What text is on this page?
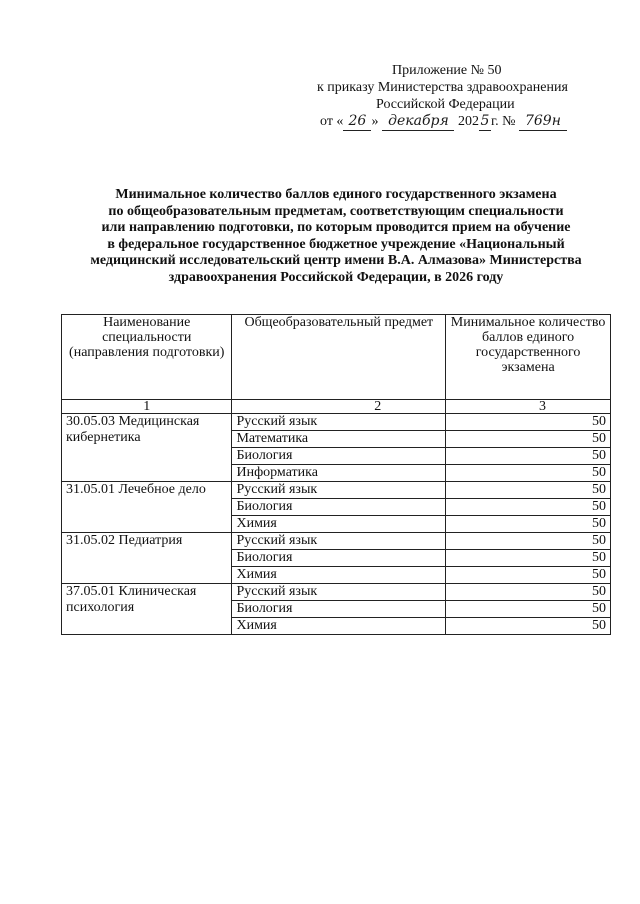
Приложение № 50
к приказу Министерства здравоохранения
Российской Федерации
от « 26 » декабря 202 5 г. № 769н
Минимальное количество баллов единого государственного экзамена
по общеобразовательным предметам, соответствующим специальности
или направлению подготовки, по которым проводится прием на обучение
в федеральное государственное бюджетное учреждение «Национальный
медицинский исследовательский центр имени В.А. Алмазова» Министерства
здравоохранения Российской Федерации, в 2026 году
Наименование специальности (направления подготовки)	Общеобразовательный предмет	Минимальное количество баллов единого государственного экзамена
1	2	3
30.05.03 Медицинская кибернетика	Русский язык	50
	Математика	50
	Биология	50
	Информатика	50
31.05.01 Лечебное дело	Русский язык	50
	Биология	50
	Химия	50
31.05.02 Педиатрия	Русский язык	50
	Биология	50
	Химия	50
37.05.01 Клиническая психология	Русский язык	50
	Биология	50
	Химия	50
